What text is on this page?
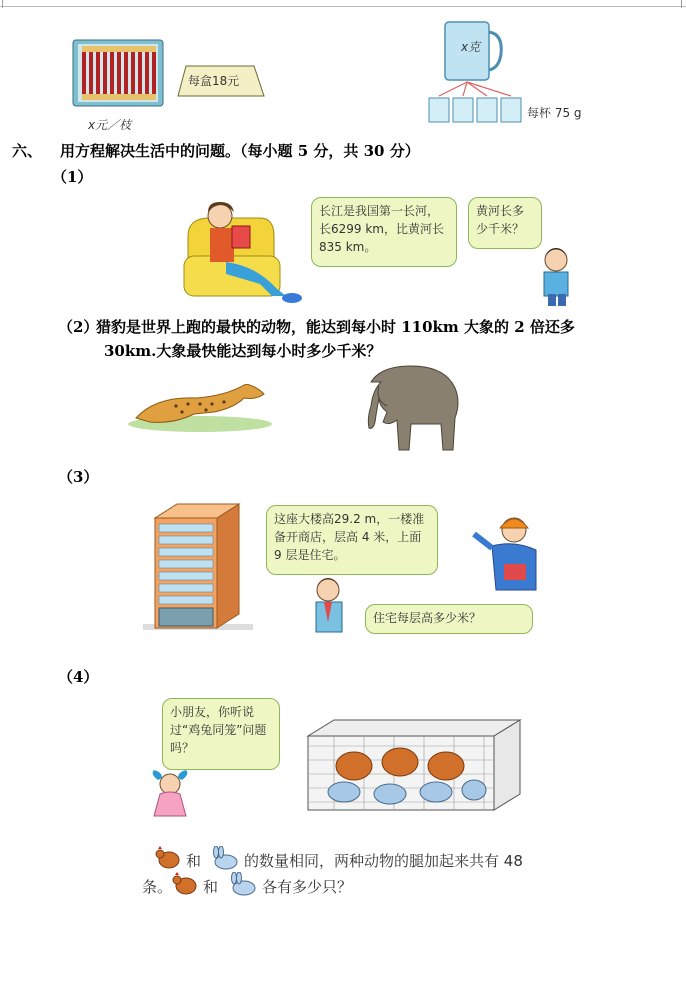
x元／枝
每盒18元
x克
每杯 75 g
六、 用方程解决生活中的问题。（每小题 5 分，共 30 分）
（1）
长江是我国第一长河，长6299 km，比黄河长 835 km。
黄河长多少千米？
（2）
猎豹是世界上跑的最快的动物，能达到每小时 110km 大象的 2 倍还多
30km.大象最快能达到每小时多少千米？
（3）
这座大楼高29.2 m，一楼准备开商店，层高 4 米，上面 9 层是住宅。
住宅每层高多少米？
（4）
小朋友，你听说过“鸡兔同笼”问题吗？
和	的数量相同，两种动物的腿加起来共有 48
条。 和	各有多少只？
